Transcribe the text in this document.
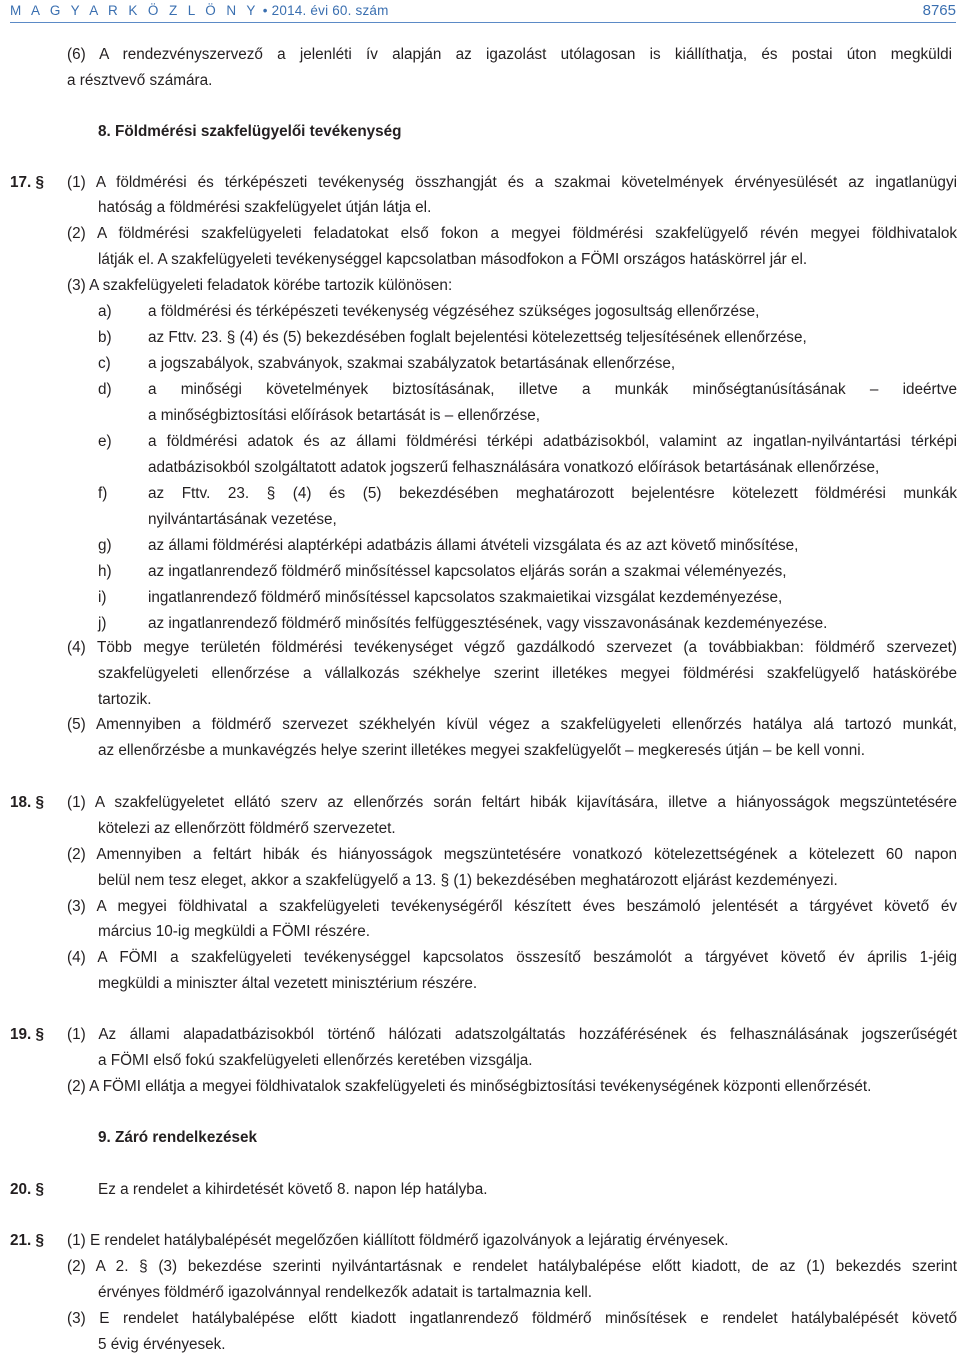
M A G Y A R K Ö Z L Ö N Y • 2014. évi 60. szám	8765
(6) A rendezvényszervező a jelenléti ív alapján az igazolást utólagosan is kiállíthatja, és postai úton megküldi
a résztvevő számára.
8. Földmérési szakfelügyelői tevékenység
17. § (1) A földmérési és térképészeti tevékenység összhangját és a szakmai követelmények érvényesülését az ingatlanügyi
hatóság a földmérési szakfelügyelet útján látja el.
(2) A földmérési szakfelügyeleti feladatokat első fokon a megyei földmérési szakfelügyelő révén megyei földhivatalok
látják el. A szakfelügyeleti tevékenységgel kapcsolatban másodfokon a FÖMI országos hatáskörrel jár el.
(3) A szakfelügyeleti feladatok körébe tartozik különösen:
a) a földmérési és térképészeti tevékenység végzéséhez szükséges jogosultság ellenőrzése,
b) az Fttv. 23. § (4) és (5) bekezdésében foglalt bejelentési kötelezettség teljesítésének ellenőrzése,
c) a jogszabályok, szabványok, szakmai szabályzatok betartásának ellenőrzése,
d) a minőségi követelmények biztosításának, illetve a munkák minőségtanúsításának – ideértve
a minőségbiztosítási előírások betartását is – ellenőrzése,
e) a földmérési adatok és az állami földmérési térképi adatbázisokból, valamint az ingatlan-nyilvántartási térképi
adatbázisokból szolgáltatott adatok jogszerű felhasználására vonatkozó előírások betartásának ellenőrzése,
f)	az Fttv. 23. § (4) és (5) bekezdésében meghatározott bejelentésre kötelezett földmérési munkák
nyilvántartásának vezetése,
g) az állami földmérési alaptérképi adatbázis állami átvételi vizsgálata és az azt követő minősítése,
h) az ingatlanrendező földmérő minősítéssel kapcsolatos eljárás során a szakmai véleményezés,
i)	ingatlanrendező földmérő minősítéssel kapcsolatos szakmaietikai vizsgálat kezdeményezése,
j)	az ingatlanrendező földmérő minősítés felfüggesztésének, vagy visszavonásának kezdeményezése.
(4) Több megye területén földmérési tevékenységet végző gazdálkodó szervezet (a továbbiakban: földmérő szervezet)
szakfelügyeleti ellenőrzése a vállalkozás székhelye szerint illetékes megyei földmérési szakfelügyelő hatáskörébe
tartozik.
(5) Amennyiben a földmérő szervezet székhelyén kívül végez a szakfelügyeleti ellenőrzés hatálya alá tartozó munkát,
az ellenőrzésbe a munkavégzés helye szerint illetékes megyei szakfelügyelőt – megkeresés útján – be kell vonni.
18. § (1) A szakfelügyeletet ellátó szerv az ellenőrzés során feltárt hibák kijavítására, illetve a hiányosságok megszüntetésére
kötelezi az ellenőrzött földmérő szervezetet.
(2) Amennyiben a feltárt hibák és hiányosságok megszüntetésére vonatkozó kötelezettségének a kötelezett 60 napon
belül nem tesz eleget, akkor a szakfelügyelő a 13. § (1) bekezdésében meghatározott eljárást kezdeményezi.
(3) A megyei földhivatal a szakfelügyeleti tevékenységéről készített éves beszámoló jelentését a tárgyévet követő év
március 10-ig megküldi a FÖMI részére.
(4) A FÖMI a szakfelügyeleti tevékenységgel kapcsolatos összesítő beszámolót a tárgyévet követő év április 1-jéig
megküldi a miniszter által vezetett minisztérium részére.
19. § (1) Az állami alapadatbázisokból történő hálózati adatszolgáltatás hozzáférésének és felhasználásának jogszerűségét
a FÖMI első fokú szakfelügyeleti ellenőrzés keretében vizsgálja.
(2) A FÖMI ellátja a megyei földhivatalok szakfelügyeleti és minőségbiztosítási tevékenységének központi ellenőrzését.
9. Záró rendelkezések
20. §	Ez a rendelet a kihirdetését követő 8. napon lép hatályba.
21. § (1) E rendelet hatálybalépését megelőzően kiállított földmérő igazolványok a lejáratig érvényesek.
(2) A 2. § (3) bekezdése szerinti nyilvántartásnak e rendelet hatálybalépése előtt kiadott, de az (1) bekezdés szerint
érvényes földmérő igazolvánnyal rendelkezők adatait is tartalmaznia kell.
(3) E rendelet hatálybalépése előtt kiadott ingatlanrendező földmérő minősítések e rendelet hatálybalépését követő
5 évig érvényesek.
